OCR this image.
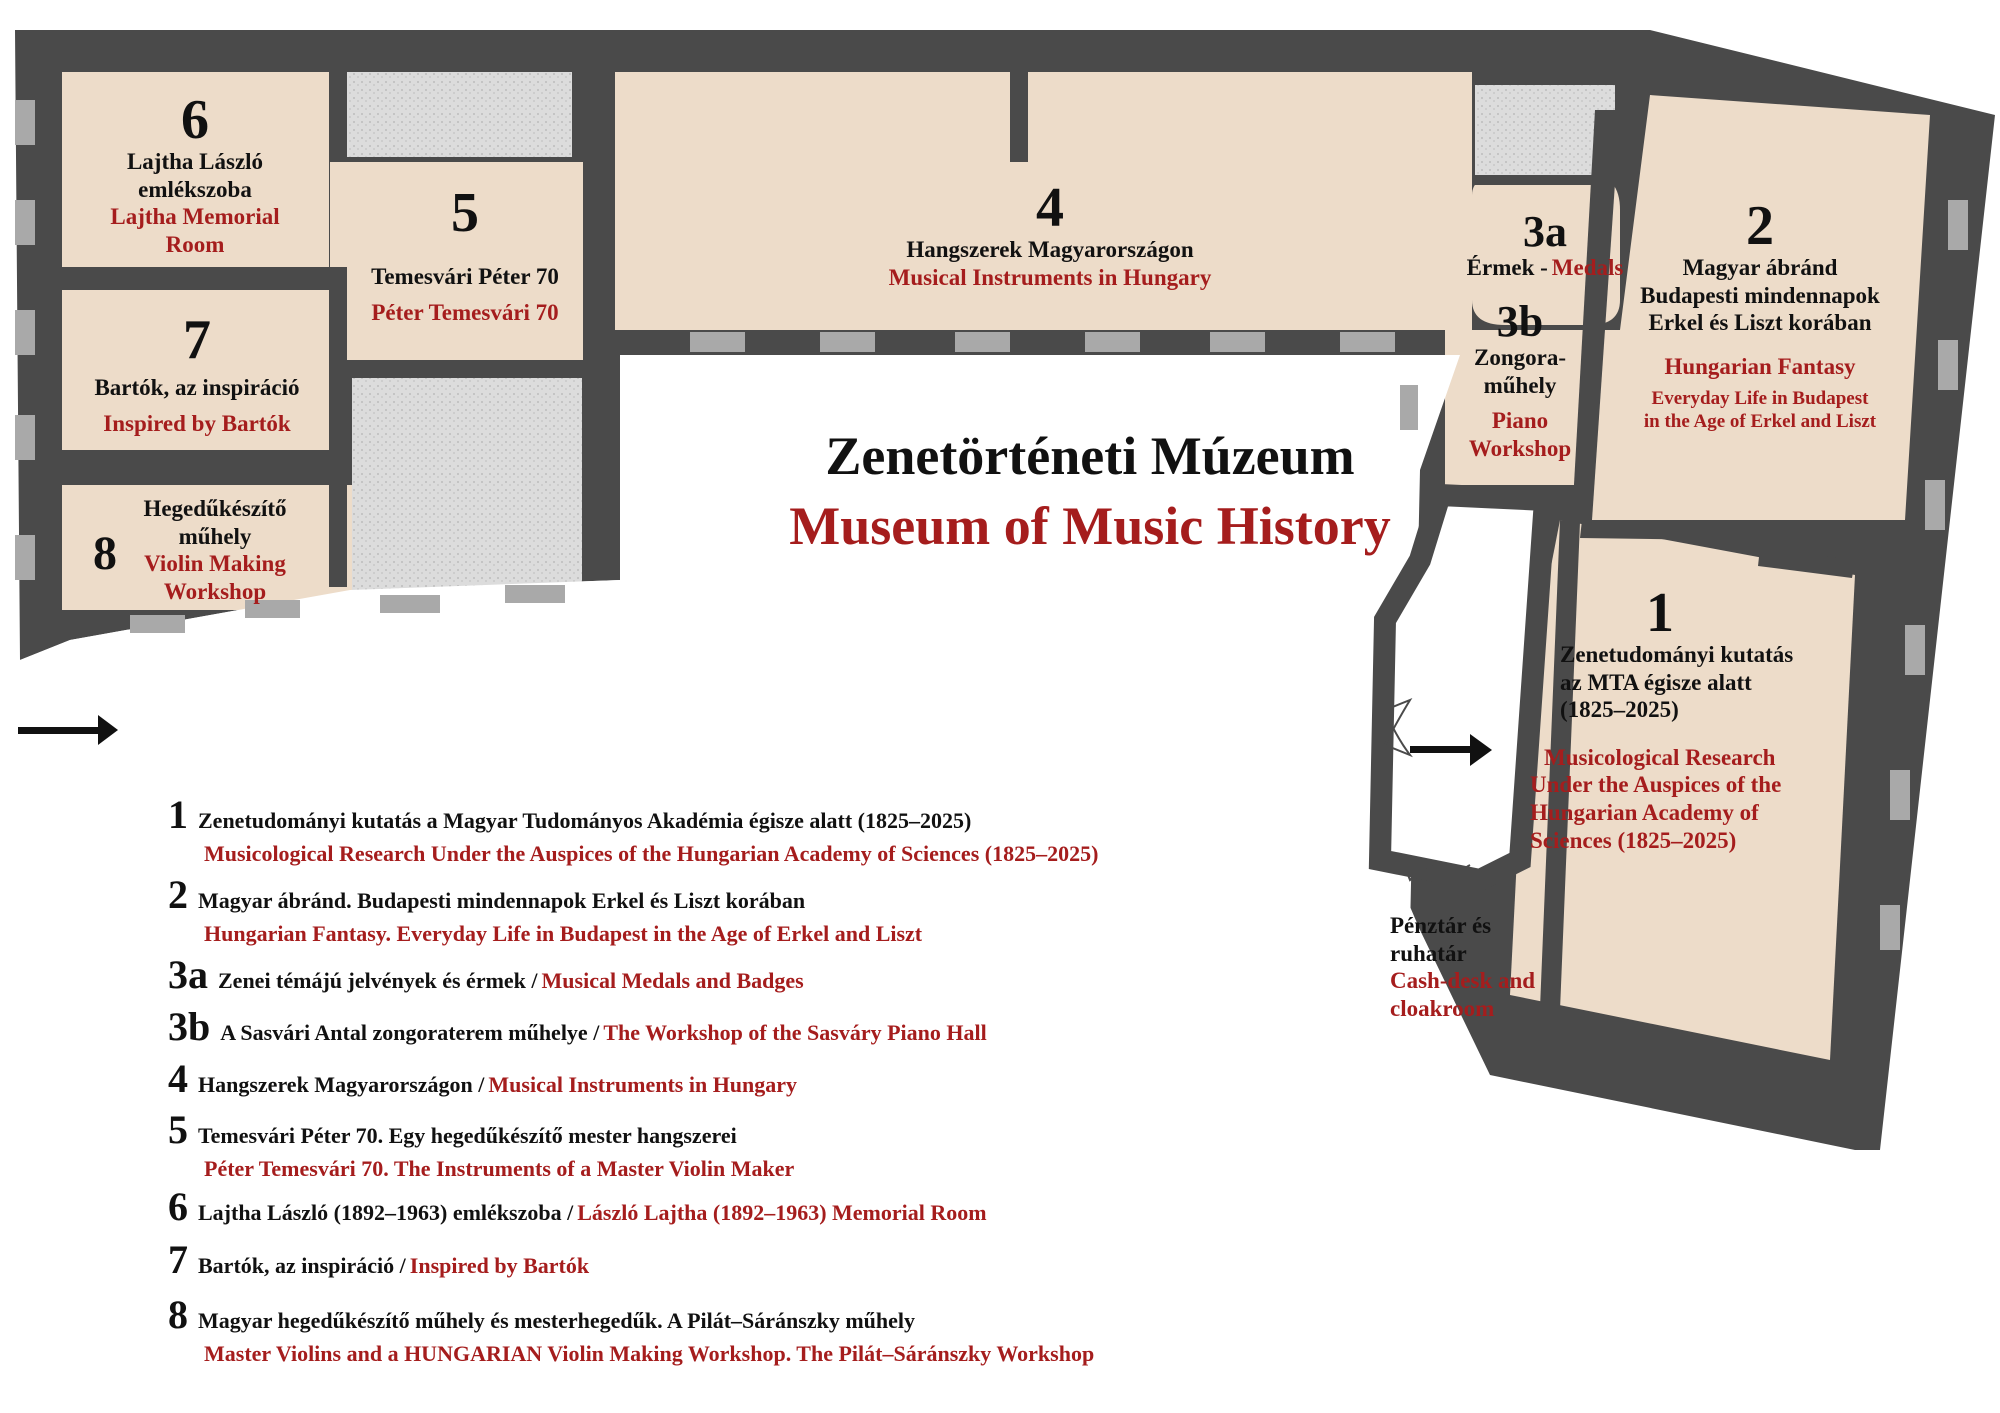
Zenetörténeti Múzeum
Museum of Music History
6
Lajtha László
emlékszoba
Lajtha Memorial
Room
5
Temesvári Péter 70
Péter Temesvári 70
4
Hangszerek Magyarországon
Musical Instruments in Hungary
3a
Érmek - Medals
3b
Zongora-
műhely
Piano
Workshop
2
Magyar ábránd
Budapesti mindennapok
Erkel és Liszt korában
Hungarian Fantasy
Everyday Life in Budapest
in the Age of Erkel and Liszt
7
Bartók, az inspiráció
Inspired by Bartók
8
Hegedűkészítő
műhely
Violin Making
Workshop	1
Zenetudományi kutatás
az MTA égisze alatt
(1825–2025)
Musicological Research
Under the Auspices of the
Hungarian Academy of
Sciences (1825–2025)
Pénztár és
ruhatár
Cash-desk and
cloakroom
1 Zenetudományi kutatás a Magyar Tudományos Akadémia égisze alatt (1825–2025)
Musicological Research Under the Auspices of the Hungarian Academy of Sciences (1825–2025)
2 Magyar ábránd. Budapesti mindennapok Erkel és Liszt korában
Hungarian Fantasy. Everyday Life in Budapest in the Age of Erkel and Liszt
3a Zenei témájú jelvények és érmek / Musical Medals and Badges
3b A Sasvári Antal zongoraterem műhelye / The Workshop of the Sasváry Piano Hall
4 Hangszerek Magyarországon / Musical Instruments in Hungary
5 Temesvári Péter 70. Egy hegedűkészítő mester hangszerei
Péter Temesvári 70. The Instruments of a Master Violin Maker
6 Lajtha László (1892–1963) emlékszoba / László Lajtha (1892–1963) Memorial Room
7 Bartók, az inspiráció / Inspired by Bartók
8 Magyar hegedűkészítő műhely és mesterhegedűk. A Pilát–Sáránszky műhely
Master Violins and a HUNGARIAN Violin Making Workshop. The Pilát–Sáránszky Workshop
